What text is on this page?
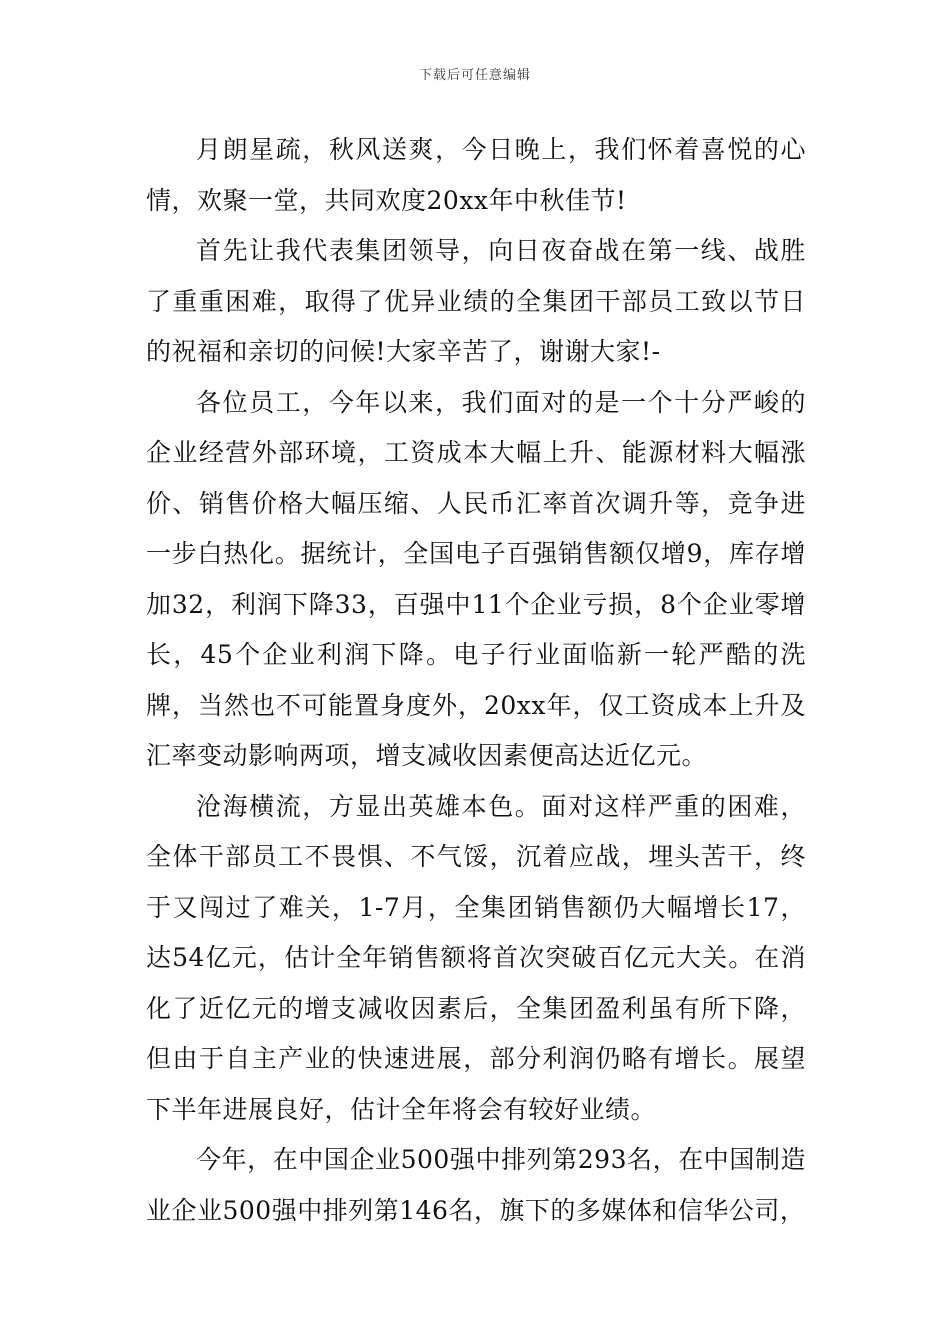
下载后可任意编辑

月朗星疏，秋风送爽，今日晚上，我们怀着喜悦的心情，欢聚一堂，共同欢度20xx年中秋佳节!

首先让我代表集团领导，向日夜奋战在第一线、战胜了重重困难，取得了优异业绩的全集团干部员工致以节日的祝福和亲切的问候!大家辛苦了，谢谢大家!-

各位员工，今年以来，我们面对的是一个十分严峻的企业经营外部环境，工资成本大幅上升、能源材料大幅涨价、销售价格大幅压缩、人民币汇率首次调升等，竞争进一步白热化。据统计，全国电子百强销售额仅增9，库存增加32，利润下降33，百强中11个企业亏损，8个企业零增长，45个企业利润下降。电子行业面临新一轮严酷的洗牌，当然也不可能置身度外，20xx年，仅工资成本上升及汇率变动影响两项，增支减收因素便高达近亿元。

沧海横流，方显出英雄本色。面对这样严重的困难，全体干部员工不畏惧、不气馁，沉着应战，埋头苦干，终于又闯过了难关，1-7月，全集团销售额仍大幅增长17，达54亿元，估计全年销售额将首次突破百亿元大关。在消化了近亿元的增支减收因素后，全集团盈利虽有所下降，但由于自主产业的快速进展，部分利润仍略有增长。展望下半年进展良好，估计全年将会有较好业绩。

今年，在中国企业500强中排列第293名，在中国制造业企业500强中排列第146名，旗下的多媒体和信华公司，
